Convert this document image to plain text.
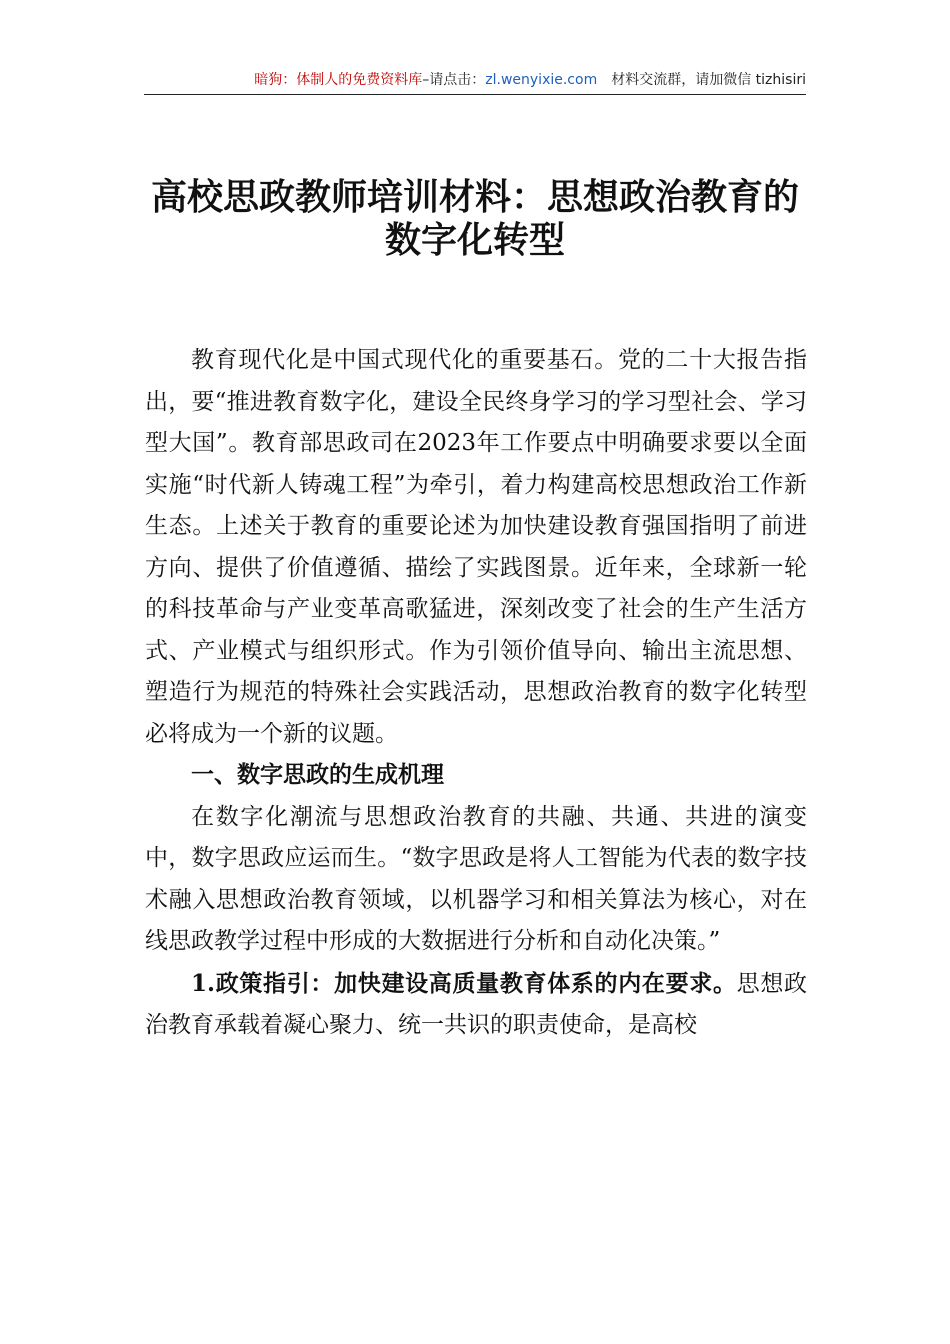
暗狗：体制人的免费资料库–请点击：zl.wenyixie.com 材料交流群，请加微信 tizhisiri
高校思政教师培训材料：思想政治教育的
数字化转型

教育现代化是中国式现代化的重要基石。党的二十大报告指出，要“推进教育数字化，建设全民终身学习的学习型社会、学习型大国”。教育部思政司在2023年工作要点中明确要求要以全面实施“时代新人铸魂工程”为牵引，着力构建高校思想政治工作新生态。上述关于教育的重要论述为加快建设教育强国指明了前进方向、提供了价值遵循、描绘了实践图景。近年来，全球新一轮的科技革命与产业变革高歌猛进，深刻改变了社会的生产生活方式、产业模式与组织形式。作为引领价值导向、输出主流思想、塑造行为规范的特殊社会实践活动，思想政治教育的数字化转型必将成为一个新的议题。

一、数字思政的生成机理

在数字化潮流与思想政治教育的共融、共通、共进的演变中，数字思政应运而生。“数字思政是将人工智能为代表的数字技术融入思想政治教育领域，以机器学习和相关算法为核心，对在线思政教学过程中形成的大数据进行分析和自动化决策。”

1.政策指引：加快建设高质量教育体系的内在要求。思想政治教育承载着凝心聚力、统一共识的职责使命，是高校
